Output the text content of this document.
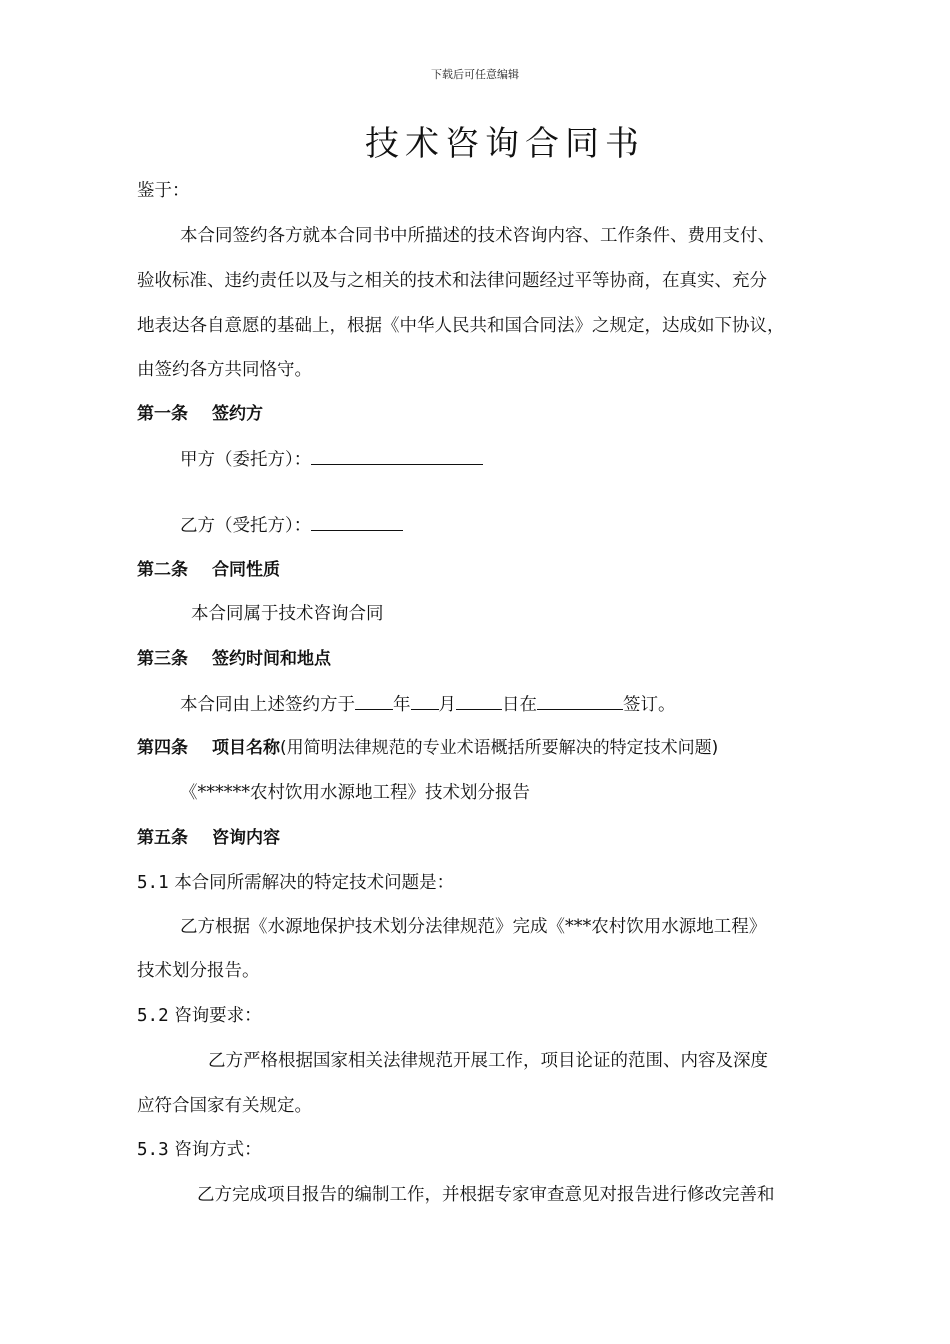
下载后可任意编辑
技术咨询合同书
鉴于：
本合同签约各方就本合同书中所描述的技术咨询内容、工作条件、费用支付、
验收标准、违约责任以及与之相关的技术和法律问题经过平等协商，在真实、充分
地表达各自意愿的基础上，根据《中华人民共和国合同法》之规定，达成如下协议，
由签约各方共同恪守。
第一条 签约方
甲方（委托方）：
乙方（受托方）：
第二条 合同性质
本合同属于技术咨询合同
第三条 签约时间和地点
本合同由上述签约方于 年 月	日在	签订。
第四条 项目名称(用简明法律规范的专业术语概括所要解决的特定技术问题)
《******农村饮用水源地工程》技术划分报告
第五条 咨询内容
5.1 本合同所需解决的特定技术问题是：
乙方根据《水源地保护技术划分法律规范》完成《***农村饮用水源地工程》
技术划分报告。
5.2 咨询要求：
乙方严格根据国家相关法律规范开展工作，项目论证的范围、内容及深度
应符合国家有关规定。
5.3 咨询方式：
乙方完成项目报告的编制工作，并根据专家审查意见对报告进行修改完善和
